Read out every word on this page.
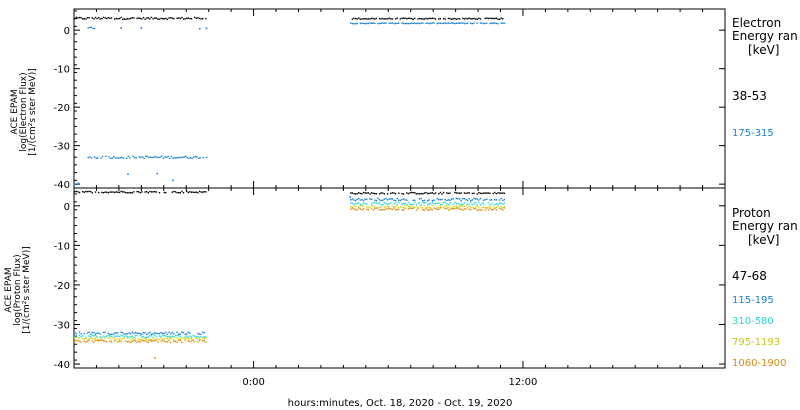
0
-10
-20
-30
-40
ACE EPAM log(Electron Flux) [1/(cm²s ster MeV)]
Electron
Energy ran
[keV]
38-53
175-315
0
-10
-20
-30
-40
0:00	12:00
ACE EPAM log(Proton Flux) [1/(cm²s ster MeV)]
Proton
Energy ran
[keV]
47-68
115-195
310-580
795-1193
1060-1900
hours:minutes, Oct. 18, 2020 - Oct. 19, 2020
